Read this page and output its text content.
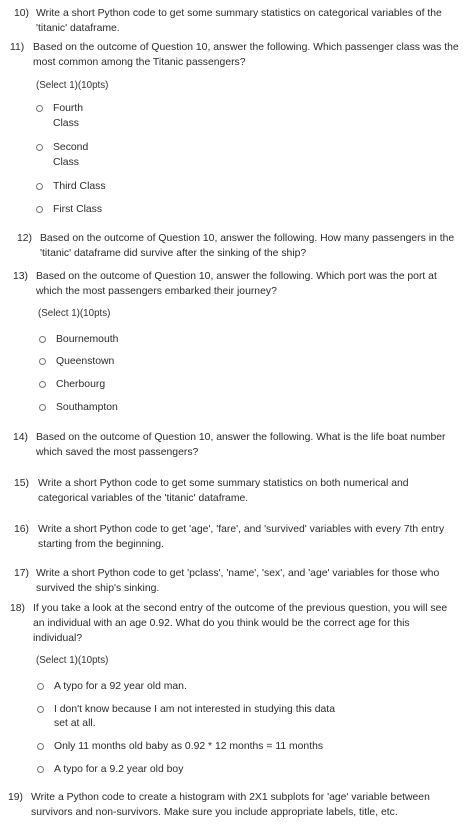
10) Write a short Python code to get some summary statistics on categorical variables of the
'titanic' dataframe.
11) Based on the outcome of Question 10, answer the following. Which passenger class was the
most common among the Titanic passengers?
(Select 1)(10pts)
Fourth
Class
Second
Class
Third Class
First Class
12) Based on the outcome of Question 10, answer the following. How many passengers in the
'titanic' dataframe did survive after the sinking of the ship?
13) Based on the outcome of Question 10, answer the following. Which port was the port at
which the most passengers embarked their journey?
(Select 1)(10pts)
Bournemouth
Queenstown
Cherbourg
Southampton
14) Based on the outcome of Question 10, answer the following. What is the life boat number
which saved the most passengers?
15) Write a short Python code to get some summary statistics on both numerical and
categorical variables of the 'titanic' dataframe.
16) Write a short Python code to get 'age', 'fare', and 'survived' variables with every 7th entry
starting from the beginning.
17) Write a short Python code to get 'pclass', 'name', 'sex', and 'age' variables for those who
survived the ship's sinking.
18) If you take a look at the second entry of the outcome of the previous question, you will see
an individual with an age 0.92. What do you think would be the correct age for this
individual?
(Select 1)(10pts)
A typo for a 92 year old man.
I don't know because I am not interested in studying this data
set at all.
Only 11 months old baby as 0.92 * 12 months = 11 months
A typo for a 9.2 year old boy
19) Write a Python code to create a histogram with 2X1 subplots for 'age' variable between
survivors and non-survivors. Make sure you include appropriate labels, title, etc.
